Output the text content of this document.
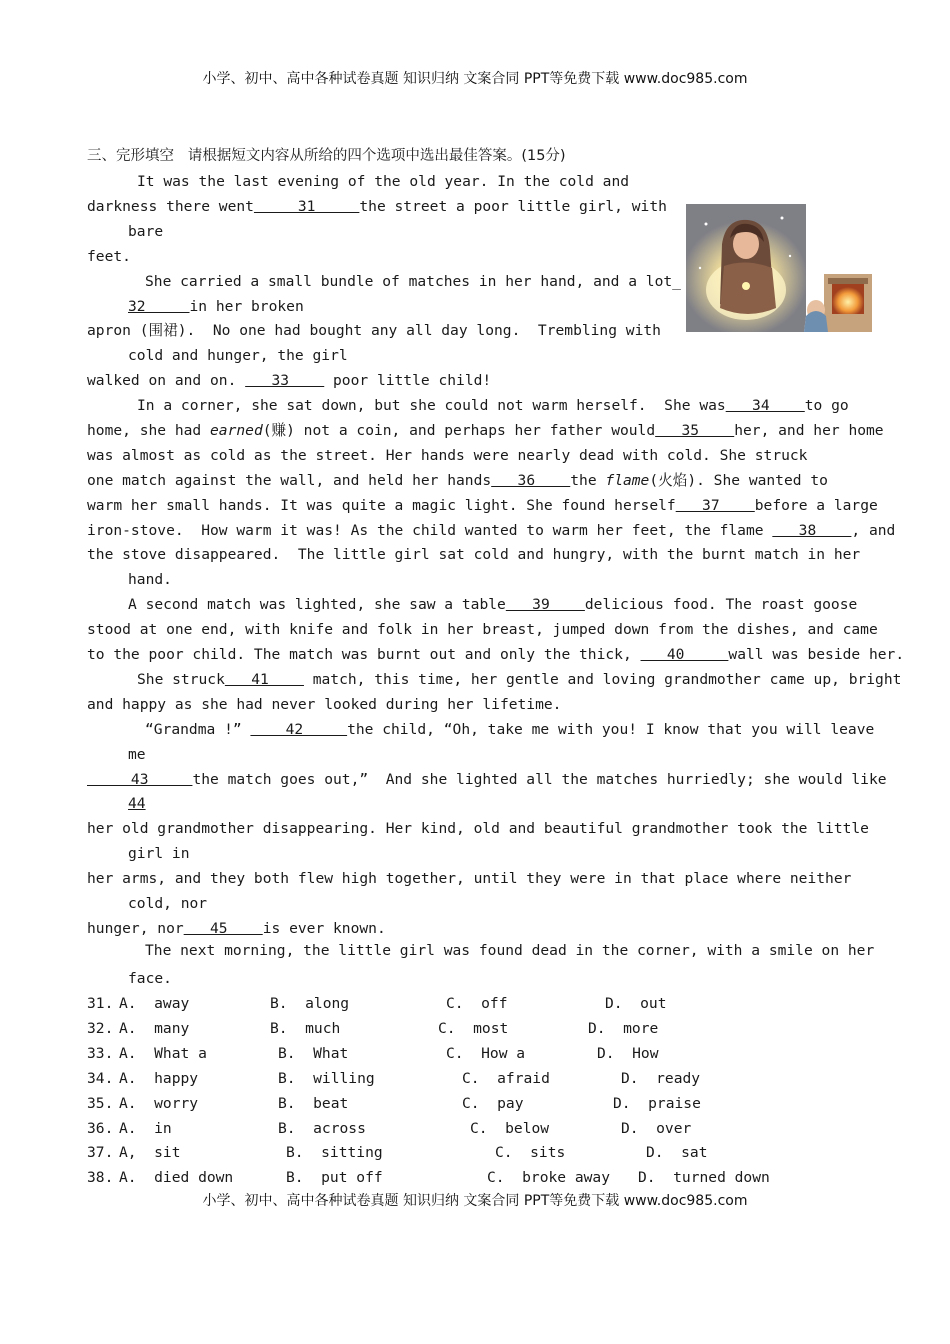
小学、初中、高中各种试卷真题 知识归纳 文案合同 PPT等免费下载 www.doc985.com
三、完形填空   请根据短文内容从所给的四个选项中选出最佳答案。(15分)
It was the last evening of the old year. In the cold and
darkness there went     31     the street a poor little girl, with
bare
feet.
She carried a small bundle of matches in her hand, and a lot_
32     in her broken
apron (围裙).  No one had bought any all day long.  Trembling with
cold and hunger, the girl
walked on and on.    33     poor little child!
In a corner, she sat down, but she could not warm herself.  She was   34    to go
home, she had earned(赚) not a coin, and perhaps her father would   35    her, and her home
was almost as cold as the street. Her hands were nearly dead with cold. She struck
one match against the wall, and held her hands   36    the flame(火焰). She wanted to
warm her small hands. It was quite a magic light. She found herself   37    before a large
iron-stove.  How warm it was! As the child wanted to warm her feet, the flame    38    , and
the stove disappeared.  The little girl sat cold and hungry, with the burnt match in her
hand.
A second match was lighted, she saw a table   39    delicious food. The roast goose
stood at one end, with knife and folk in her breast, jumped down from the dishes, and came
to the poor child. The match was burnt out and only the thick,    40     wall was beside her.
She struck   41     match, this time, her gentle and loving grandmother came up, bright
and happy as she had never looked during her lifetime.
“Grandma !”     42     the child, “Oh, take me with you! I know that you will leave
me
43     the match goes out,”  And she lighted all the matches hurriedly; she would like
44
her old grandmother disappearing. Her kind, old and beautiful grandmother took the little
girl in
her arms, and they both flew high together, until they were in that place where neither
cold, nor
hunger, nor   45    is ever known.
The next morning, the little girl was found dead in the corner, with a smile on her
face.
31. A.  away	B.  along	C.  off	D.  out
32. A.  many	B.  much	C.  most	D.  more
33. A.  What a	B.  What	C.  How a	D.  How
34. A.  happy	B.  willing	C.  afraid	D.  ready
35. A.  worry	B.  beat	C.  pay	D.  praise
36. A.  in	B.  across	C.  below	D.  over
37. A,  sit	B.  sitting	C.  sits	D.  sat
38. A.  died down	B.  put off	C.  broke away D.  turned down
小学、初中、高中各种试卷真题 知识归纳 文案合同 PPT等免费下载 www.doc985.com
